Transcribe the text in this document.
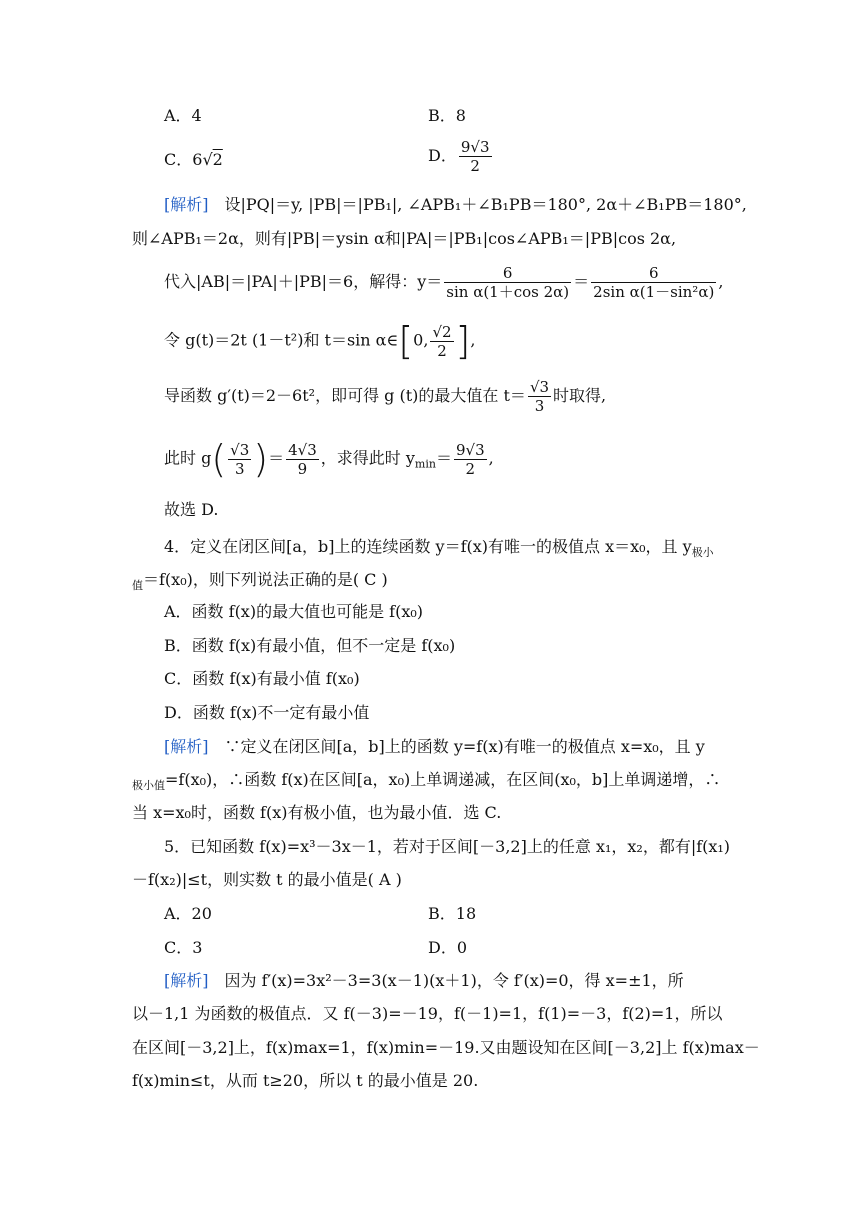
A．4	B．8
C．6√2	D． $\frac{9√3}{2}$
[解析] 设|PQ|＝y, |PB|＝|PB₁|, ∠APB₁＋∠B₁PB＝180°, 2α＋∠B₁PB＝180°,
则∠APB₁＝2α，则有|PB|＝ysin α和|PA|＝|PB₁|cos∠APB₁＝|PB|cos 2α,
代入|AB|＝|PA|＋|PB|＝6，解得：$y= \frac{6}{\text{sin α(1＋cos 2α)}} = \frac{6}{\text{2sin α(1－sin²α)}}$ ,
令 g(t)＝2t (1－t²)和 t＝sin α∈[0, $\frac{√2}{2}$ ],
导函数 g′(t)＝2－6t²，即可得 g (t)的最大值在 $t= \frac{√3}{3}$ 时取得,
此时 $g( \frac{√3}{3}$ )＝ $\frac{4√3}{9}$ ，求得此时 $y_{min}= \frac{9√3}{2}$ ,
故选 D.
4．定义在闭区间[a，b]上的连续函数 y＝f(x)有唯一的极值点 x＝x₀，且 $y_{极小}$
$_值$＝f(x₀)，则下列说法正确的是( C )
A．函数 f(x)的最大值也可能是 f(x₀)
B．函数 f(x)有最小值，但不一定是 f(x₀)
C．函数 f(x)有最小值 f(x₀)
D．函数 f(x)不一定有最小值
[解析] ∵定义在闭区间[a，b]上的函数 y=f(x)有唯一的极值点 x=x₀，且 y
$_{极小值}$=f(x₀)，∴函数 f(x)在区间[a，x₀)上单调递减，在区间(x₀，b]上单调递增，∴
当 x=x₀时，函数 f(x)有极小值，也为最小值．选 C.
5．已知函数 f(x)=x³－3x－1，若对于区间[－3,2]上的任意 x₁，x₂，都有|f(x₁)
－f(x₂)|≤t，则实数 t 的最小值是( A )
A．20	B．18
C．3	D．0
[解析] 因为 f′(x)=3x²－3=3(x－1)(x＋1)，令 f′(x)=0，得 x=±1，所
以－1,1 为函数的极值点．又 f(－3)=－19，f(－1)=1，f(1)=－3，f(2)=1，所以
在区间[－3,2]上，f(x)max=1，f(x)min=－19.又由题设知在区间[－3,2]上 f(x)max－
f(x)min≤t，从而 t≥20，所以 t 的最小值是 20.
